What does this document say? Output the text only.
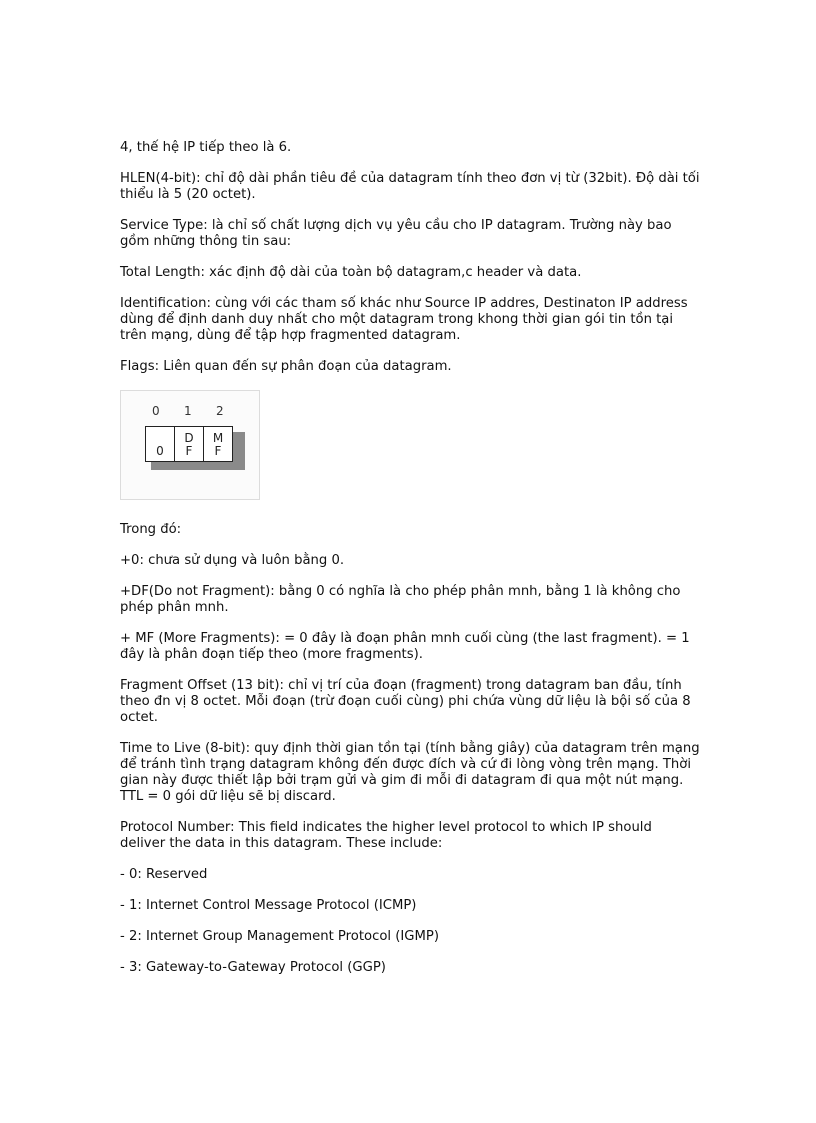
4, thế hệ IP tiếp theo là 6.

HLEN(4-bit): chỉ độ dài phần tiêu đề của datagram tính theo đơn vị từ (32bit). Độ dài tối thiểu là 5 (20 octet).

Service Type: là chỉ số chất lượng dịch vụ yêu cầu cho IP datagram. Trường này bao gồm những thông tin sau:

Total Length: xác định độ dài của toàn bộ datagram,c header và data.

Identification: cùng với các tham số khác như Source IP addres, Destinaton IP address dùng để định danh duy nhất cho một datagram trong khong thời gian gói tin tồn tại trên mạng, dùng để tập hợp fragmented datagram.

Flags: Liên quan đến sự phân đoạn của datagram.

0 1 2
0
D
F
M
F

Trong đó:

+0: chưa sử dụng và luôn bằng 0.

+DF(Do not Fragment): bằng 0 có nghĩa là cho phép phân mnh, bằng 1 là không cho phép phân mnh.

+ MF (More Fragments): = 0 đây là đoạn phân mnh cuối cùng (the last fragment). = 1 đây là phân đoạn tiếp theo (more fragments).

Fragment Offset (13 bit): chỉ vị trí của đoạn (fragment) trong datagram ban đầu, tính theo đn vị 8 octet. Mỗi đoạn (trừ đoạn cuối cùng) phi chứa vùng dữ liệu là bội số của 8 octet.

Time to Live (8-bit): quy định thời gian tồn tại (tính bằng giây) của datagram trên mạng để tránh tình trạng datagram không đến được đích và cứ đi lòng vòng trên mạng. Thời gian này được thiết lập bởi trạm gửi và gim đi mỗi đi datagram đi qua một nút mạng. TTL = 0 gói dữ liệu sẽ bị discard.

Protocol Number: This field indicates the higher level protocol to which IP should deliver the data in this datagram. These include:

- 0: Reserved

- 1: Internet Control Message Protocol (ICMP)

- 2: Internet Group Management Protocol (IGMP)

- 3: Gateway-to-Gateway Protocol (GGP)
